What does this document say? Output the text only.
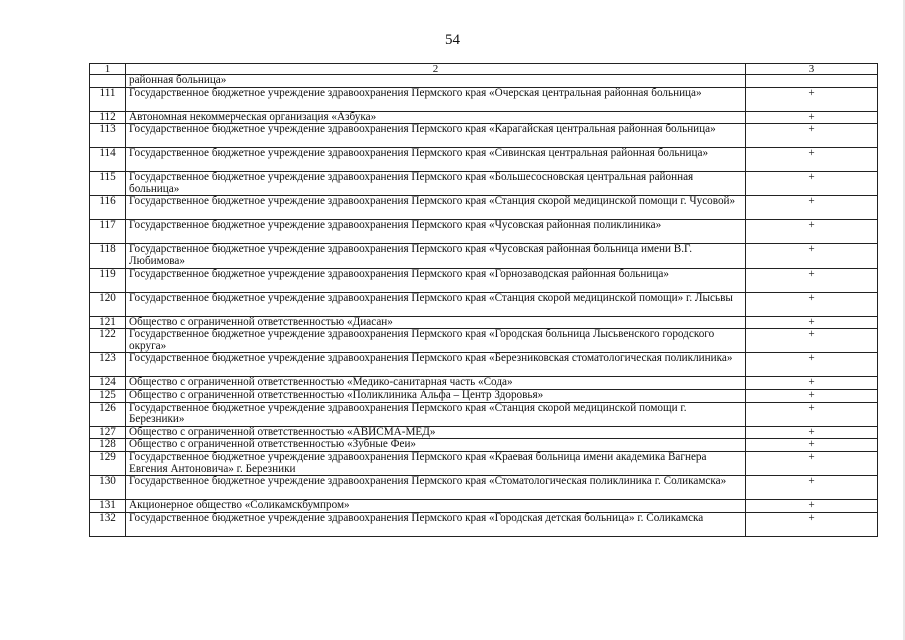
54
1	2	3
	районная больница»	
111	Государственное бюджетное учреждение здравоохранения Пермского края «Очерская центральная районная больница»	+
112	Автономная некоммерческая организация «Азбука»	+
113	Государственное бюджетное учреждение здравоохранения Пермского края «Карагайская центральная районная больница»	+
114	Государственное бюджетное учреждение здравоохранения Пермского края «Сивинская центральная районная больница»	+
115	Государственное бюджетное учреждение здравоохранения Пермского края «Большесосновская центральная районная больница»	+
116	Государственное бюджетное учреждение здравоохранения Пермского края «Станция скорой медицинской помощи г. Чусовой»	+
117	Государственное бюджетное учреждение здравоохранения Пермского края «Чусовская районная поликлиника»	+
118	Государственное бюджетное учреждение здравоохранения Пермского края «Чусовская районная больница имени В.Г. Любимова»	+
119	Государственное бюджетное учреждение здравоохранения Пермского края «Горнозаводская районная больница»	+
120	Государственное бюджетное учреждение здравоохранения Пермского края «Станция скорой медицинской помощи» г. Лысьвы	+
121	Общество с ограниченной ответственностью «Диасан»	+
122	Государственное бюджетное учреждение здравоохранения Пермского края «Городская больница Лысьвенского городского округа»	+
123	Государственное бюджетное учреждение здравоохранения Пермского края «Березниковская стоматологическая поликлиника»	+
124	Общество с ограниченной ответственностью «Медико-санитарная часть «Сода»	+
125	Общество с ограниченной ответственностью «Поликлиника Альфа – Центр Здоровья»	+
126	Государственное бюджетное учреждение здравоохранения Пермского края «Станция скорой медицинской помощи г. Березники»	+
127	Общество с ограниченной ответственностью «АВИСМА-МЕД»	+
128	Общество с ограниченной ответственностью «Зубные Феи»	+
129	Государственное бюджетное учреждение здравоохранения Пермского края «Краевая больница имени академика Вагнера Евгения Антоновича» г. Березники	+
130	Государственное бюджетное учреждение здравоохранения Пермского края «Стоматологическая поликлиника г. Соликамска»	+
131	Акционерное общество «Соликамскбумпром»	+
132	Государственное бюджетное учреждение здравоохранения Пермского края «Городская детская больница» г. Соликамска	+
